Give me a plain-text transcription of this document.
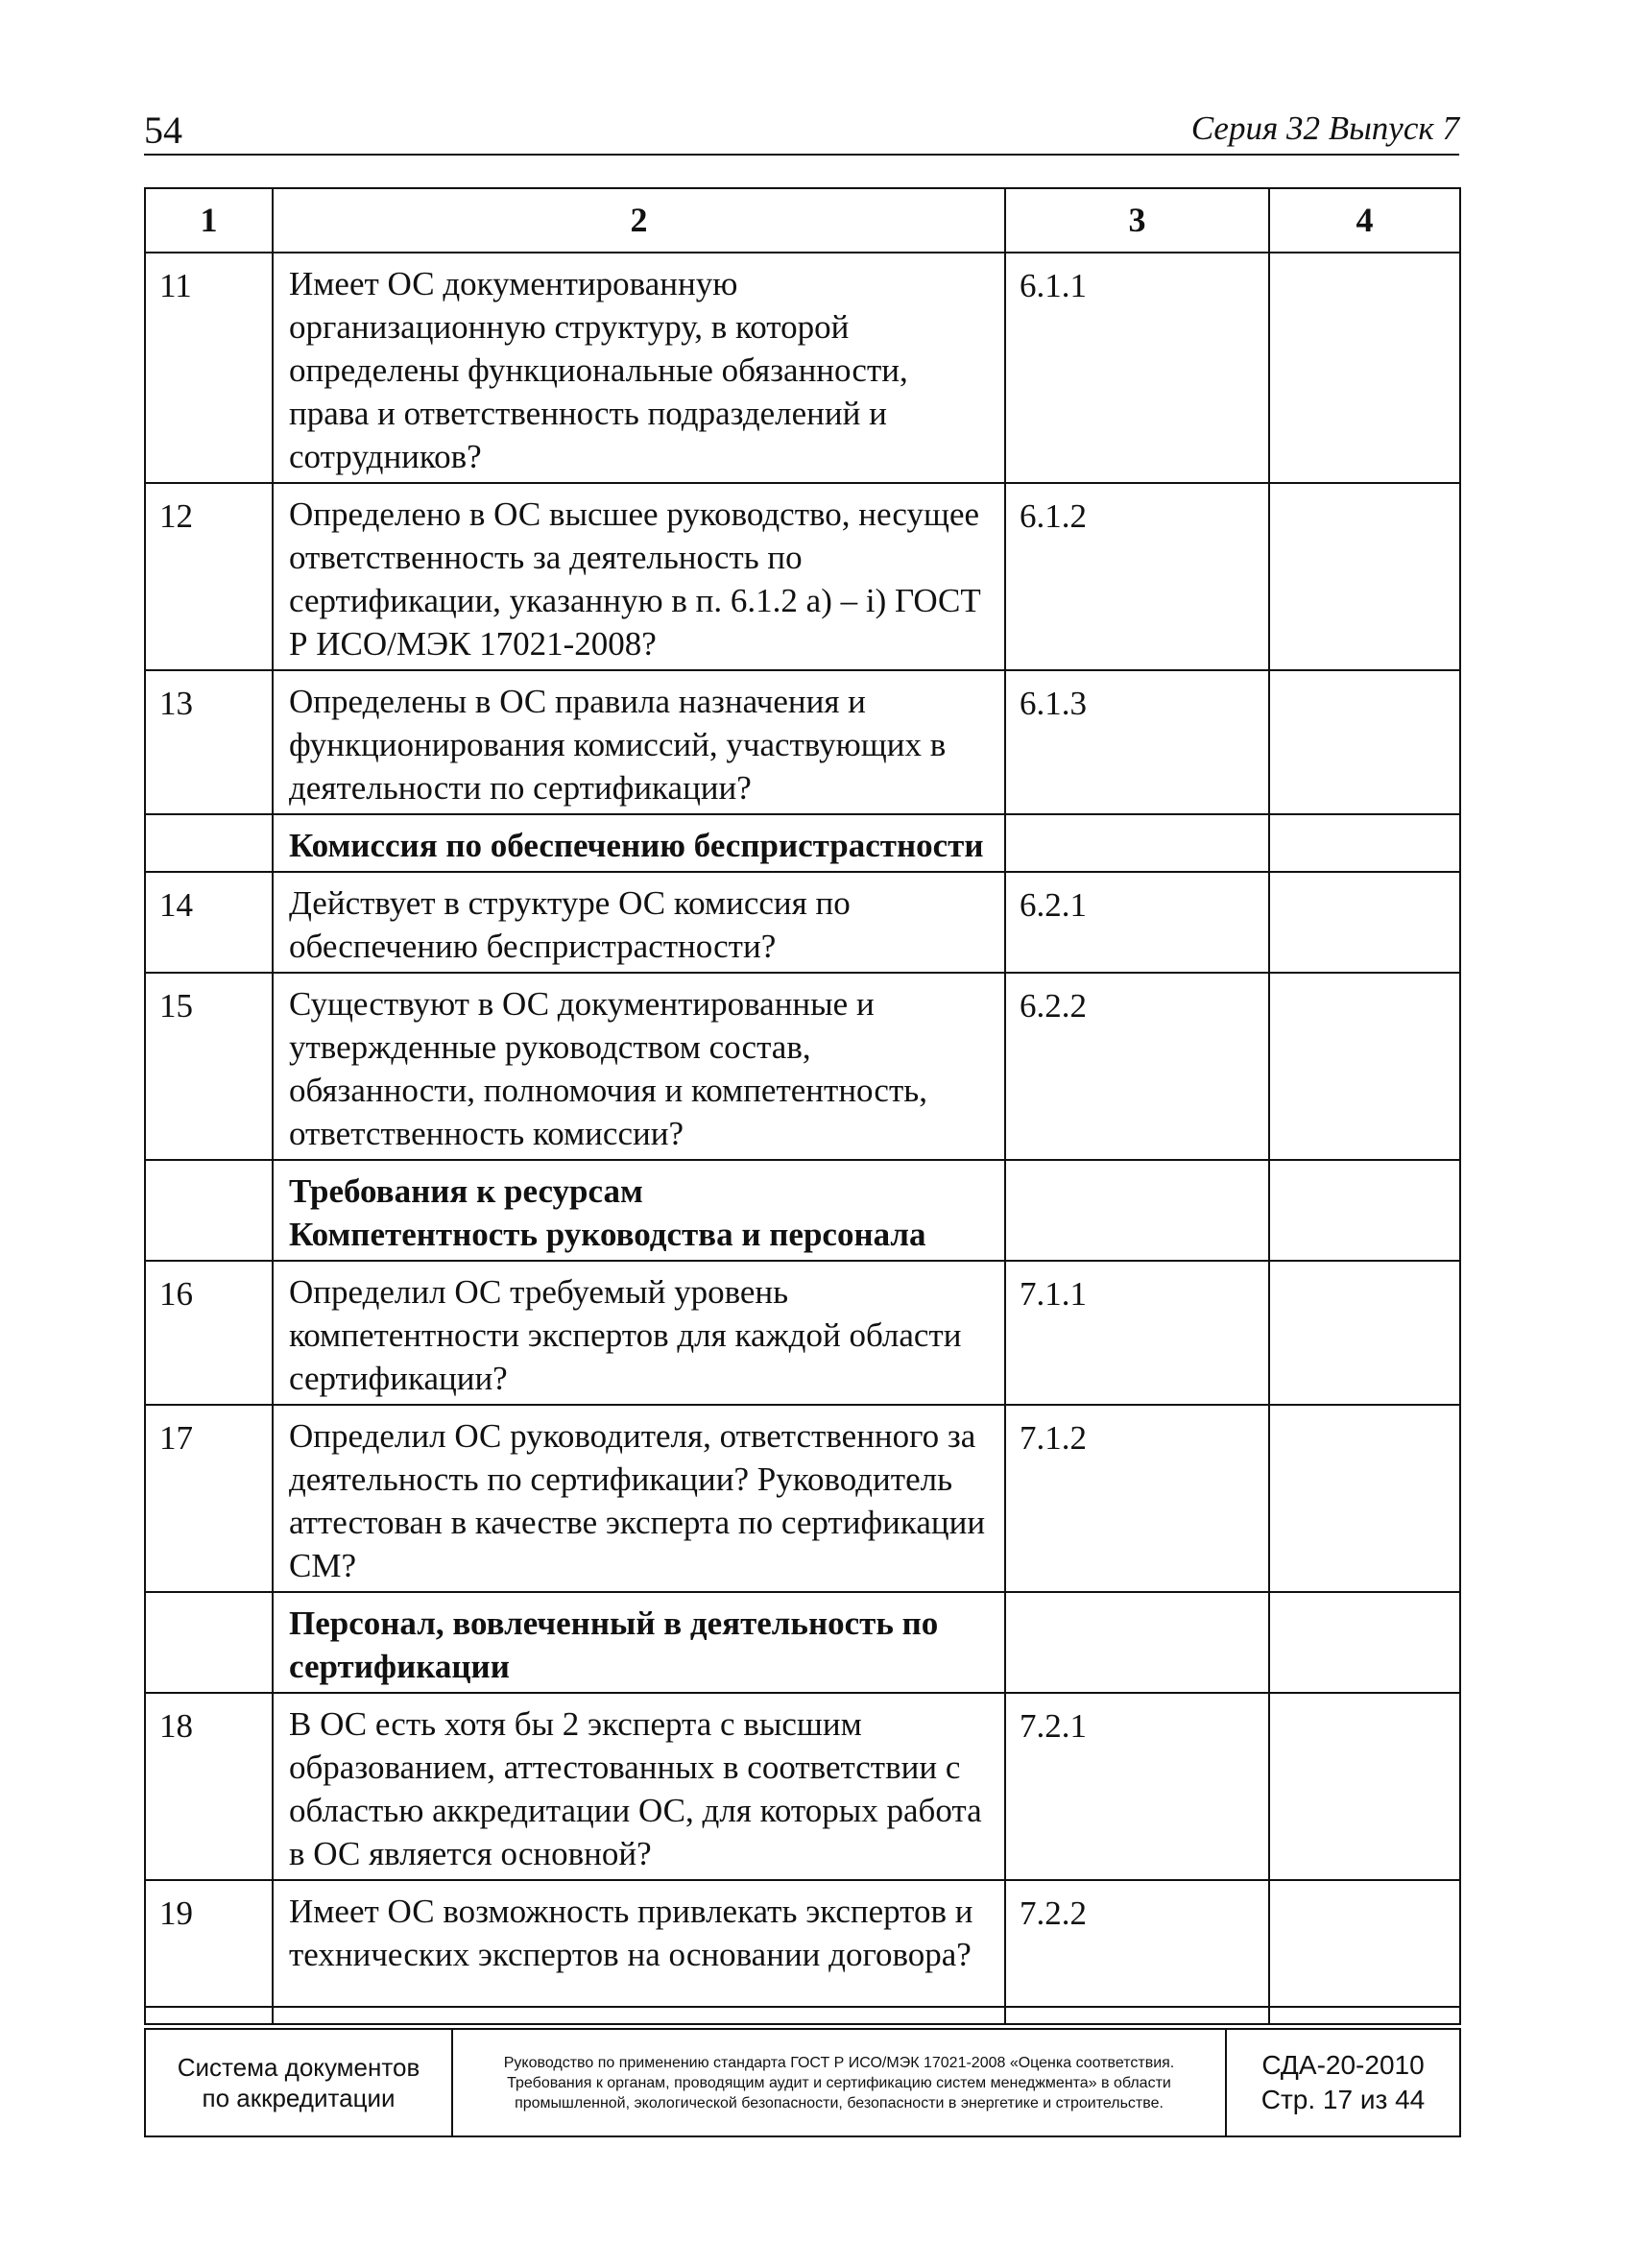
54	Серия 32 Выпуск 7
1	2	3	4
11	Имеет ОС документированную организационную структуру, в которой определены функциональные обязанности, права и ответственность подразделений и сотрудников?	6.1.1	
12	Определено в ОС высшее руководство, несущее ответственность за деятельность по сертификации, указанную в п. 6.1.2 а) – i) ГОСТ Р ИСО/МЭК 17021-2008?	6.1.2	
13	Определены в ОС правила назначения и функционирования комиссий, участвующих в деятельности по сертификации?	6.1.3	
	Комиссия по обеспечению беспристрастности		
14	Действует в структуре ОС комиссия по обеспечению беспристрастности?	6.2.1	
15	Существуют в ОС документированные и утвержденные руководством состав, обязанности, полномочия и компетентность, ответственность комиссии?	6.2.2	

	Требования к ресурсам
Компетентность руководства и персонала		

16	Определил ОС требуемый уровень компетентности экспертов для каждой области сертификации?	7.1.1	
17	Определил ОС руководителя, ответственного за деятельность по сертификации? Руководитель аттестован в качестве эксперта по сертификации СМ?	7.1.2	
	Персонал, вовлеченный в деятельность по сертификации		
18	В ОС есть хотя бы 2 эксперта с высшим образованием, аттестованных в соответствии с областью аккредитации ОС, для которых работа в ОС является основной?	7.2.1	
19	Имеет ОС возможность привлекать экспертов и технических экспертов на основании договора?	7.2.2	
Система документов
по аккредитации
	Руководство по применению стандарта ГОСТ Р ИСО/МЭК 17021-2008 «Оценка соответствия. Требования к органам, проводящим аудит и сертификацию систем менеджмента» в области промышленной, экологической безопасности, безопасности в энергетике и строительстве.	
СДА-20-2010
Стр. 17 из 44
